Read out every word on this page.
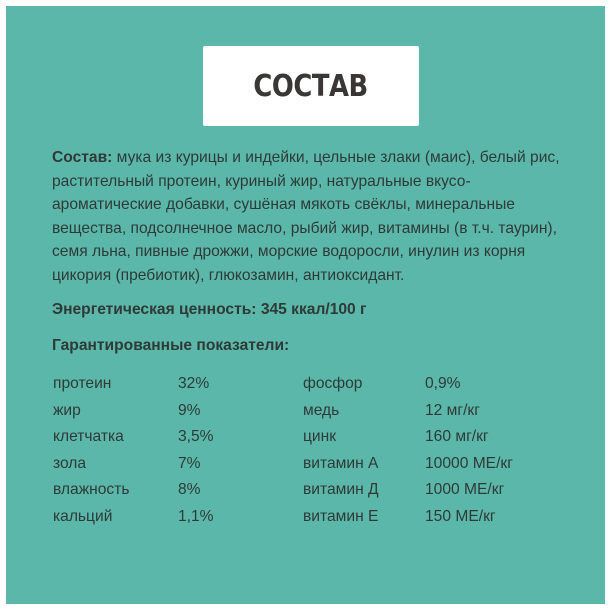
СОСТАВ

Состав: мука из курицы и индейки, цельные злаки (маис), белый рис, растительный протеин, куриный жир, натуральные вкусо-ароматические добавки, сушёная мякоть свёклы, минеральные вещества, подсолнечное масло, рыбий жир, витамины (в т.ч. таурин), семя льна, пивные дрожжи, морские водоросли, инулин из корня цикория (пребиотик), глюкозамин, антиоксидант.

Энергетическая ценность: 345 ккал/100 г
Гарантированные показатели:
протеин	32%	фосфор	0,9%
жир	9%	медь	12 мг/кг
клетчатка	3,5%	цинк	160 мг/кг
зола	7%	витамин А	10000 МЕ/кг
влажность	8%	витамин Д	1000 МЕ/кг
кальций	1,1%	витамин Е	150 МЕ/кг
